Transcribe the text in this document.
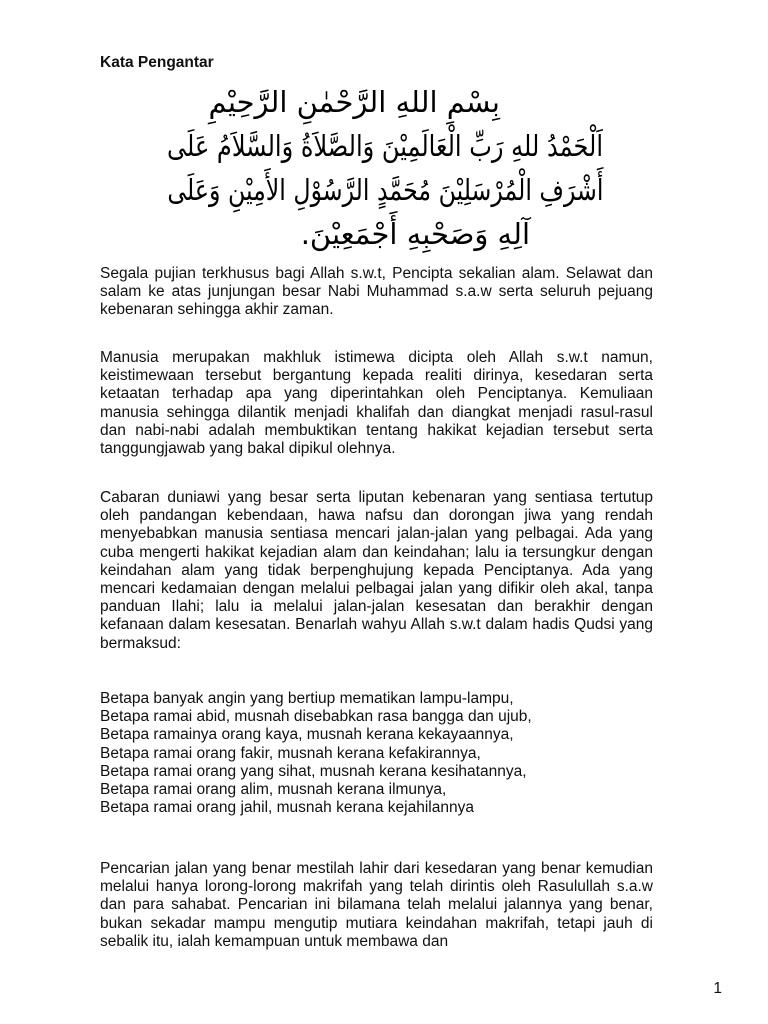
Kata Pengantar
بِسْمِ اللهِ الرَّحْمٰنِ الرَّحِيْمِ
اَلْحَمْدُ للهِ رَبِّ الْعَالَمِيْنَ وَالصَّلاَةُ وَالسَّلاَمُ عَلَى
أَشْرَفِ الْمُرْسَلِيْنَ مُحَمَّدٍ الرَّسُوْلِ الأَمِيْنِ وَعَلَى
آلِهِ وَصَحْبِهِ أَجْمَعِيْنَ.

Segala pujian terkhusus bagi Allah s.w.t, Pencipta sekalian alam. Selawat dan salam ke atas junjungan besar Nabi Muhammad s.a.w serta seluruh pejuang kebenaran sehingga akhir zaman.

Manusia merupakan makhluk istimewa dicipta oleh Allah s.w.t namun, keistimewaan tersebut bergantung kepada realiti dirinya, kesedaran serta ketaatan terhadap apa yang diperintahkan oleh Penciptanya. Kemuliaan manusia sehingga dilantik menjadi khalifah dan diangkat menjadi rasul-rasul dan nabi-nabi adalah membuktikan tentang hakikat kejadian tersebut serta tanggungjawab yang bakal dipikul olehnya.

Cabaran duniawi yang besar serta liputan kebenaran yang sentiasa tertutup oleh pandangan kebendaan, hawa nafsu dan dorongan jiwa yang rendah menyebabkan manusia sentiasa mencari jalan-jalan yang pelbagai. Ada yang cuba mengerti hakikat kejadian alam dan keindahan; lalu ia tersungkur dengan keindahan alam yang tidak berpenghujung kepada Penciptanya. Ada yang mencari kedamaian dengan melalui pelbagai jalan yang difikir oleh akal, tanpa panduan Ilahi; lalu ia melalui jalan-jalan kesesatan dan berakhir dengan kefanaan dalam kesesatan. Benarlah wahyu Allah s.w.t dalam hadis Qudsi yang bermaksud:

Betapa banyak angin yang bertiup mematikan lampu-lampu,
Betapa ramai abid, musnah disebabkan rasa bangga dan ujub,
Betapa ramainya orang kaya, musnah kerana kekayaannya,
Betapa ramai orang fakir, musnah kerana kefakirannya,
Betapa ramai orang yang sihat, musnah kerana kesihatannya,
Betapa ramai orang alim, musnah kerana ilmunya,
Betapa ramai orang jahil, musnah kerana kejahilannya

Pencarian jalan yang benar mestilah lahir dari kesedaran yang benar kemudian melalui hanya lorong-lorong makrifah yang telah dirintis oleh Rasulullah s.a.w dan para sahabat. Pencarian ini bilamana telah melalui jalannya yang benar, bukan sekadar mampu mengutip mutiara keindahan makrifah, tetapi jauh di sebalik itu, ialah kemampuan untuk membawa dan

1
